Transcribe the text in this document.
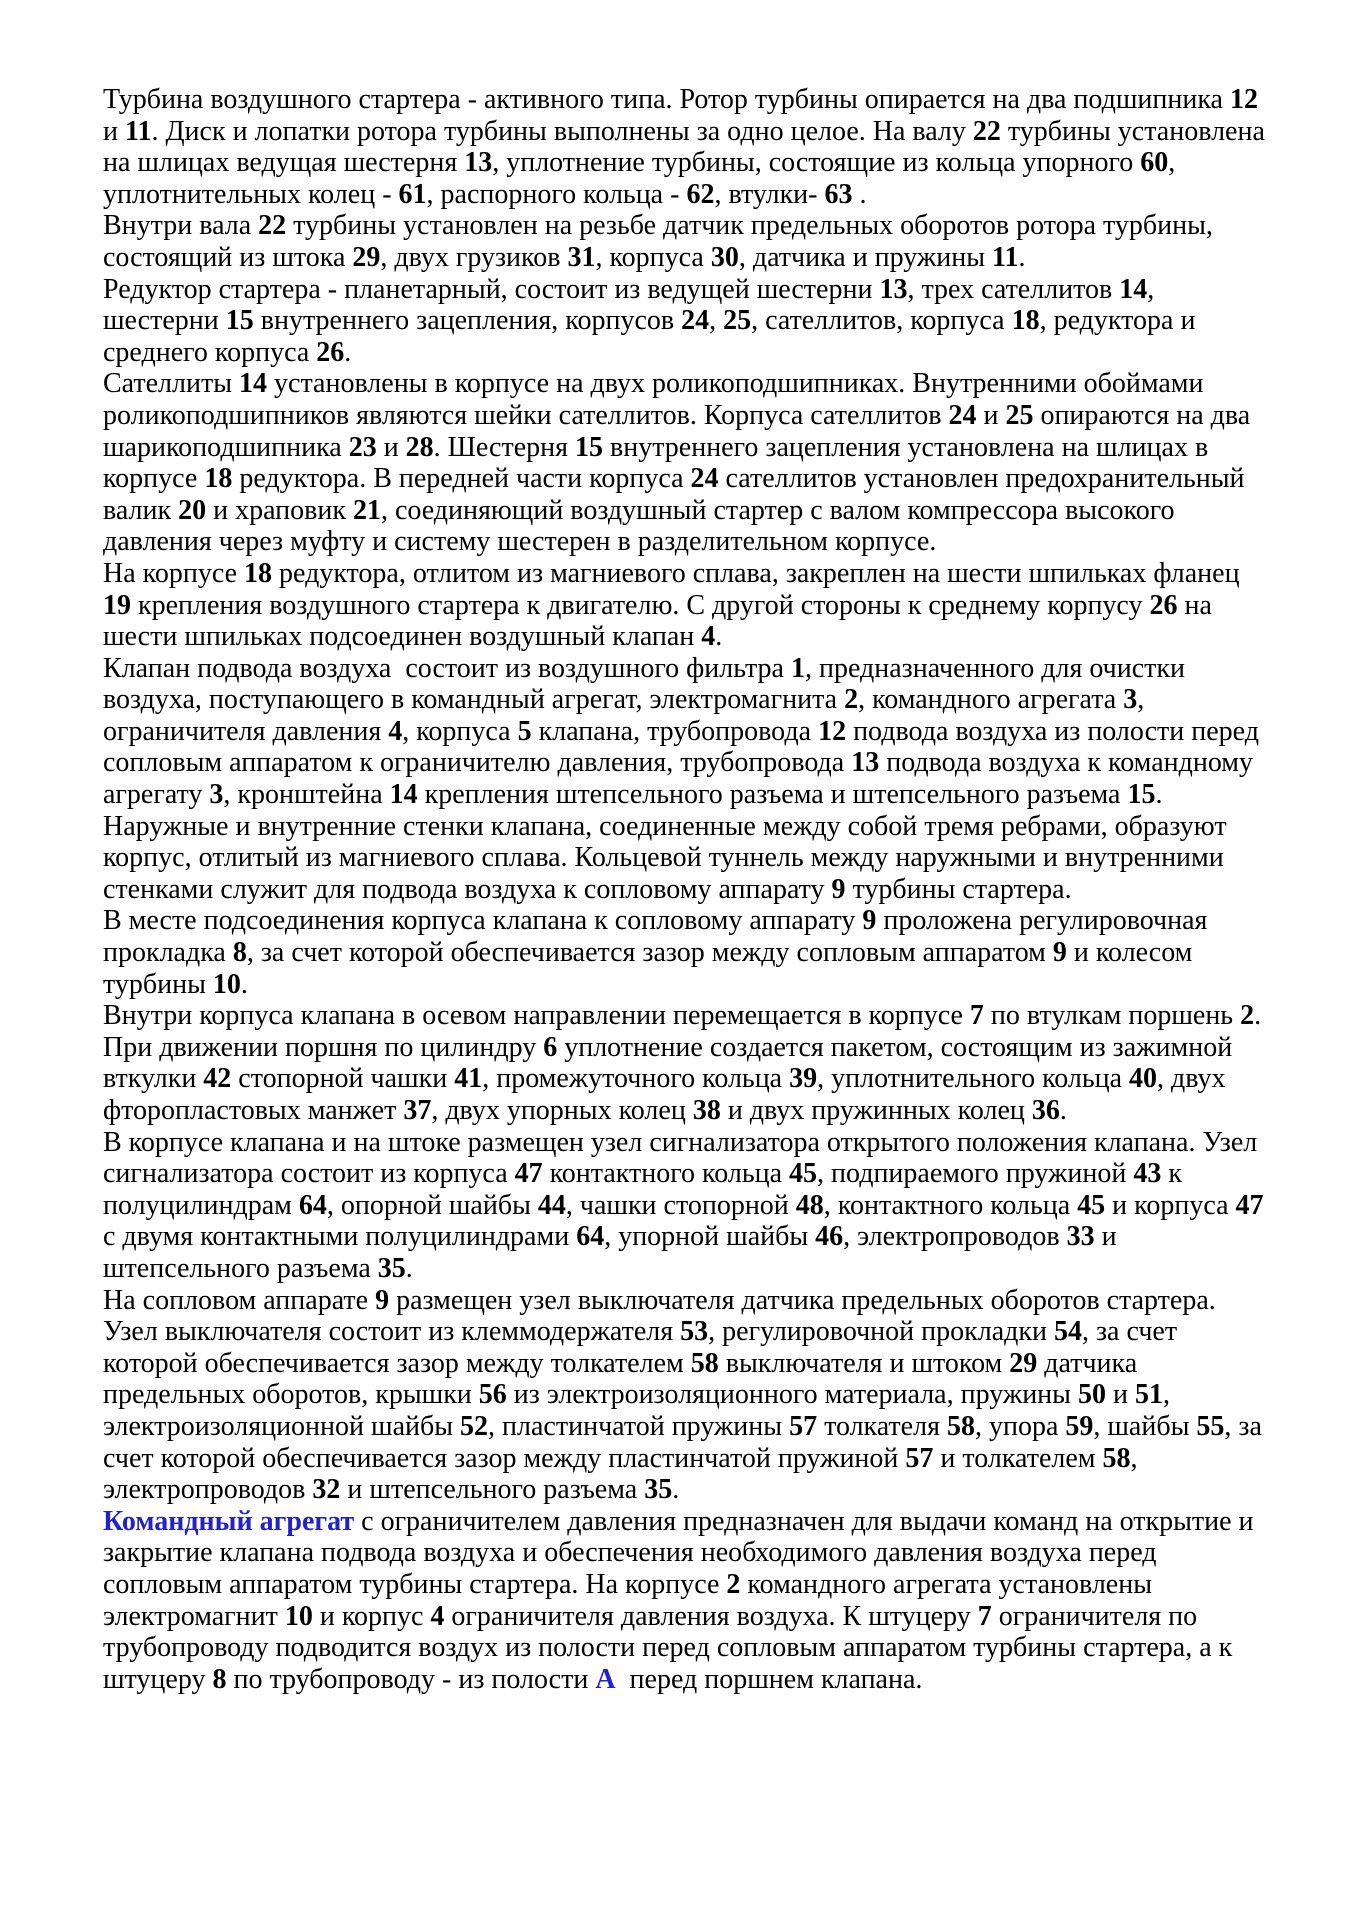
Турбина воздушного стартера - активного типа. Ротор турбины опирается на два подшипника 12 и 11. Диск и лопатки ротора турбины выполнены за одно целое. На валу 22 турбины установлена на шлицах ведущая шестерня 13, уплотнение турбины, состоящие из кольца упорного 60, уплотнительных колец - 61, распорного кольца - 62, втулки- 63 .

Внутри вала 22 турбины установлен на резьбе датчик предельных оборотов ротора турбины, состоящий из штока 29, двух грузиков 31, корпуса 30, датчика и пружины 11.

Редуктор стартера - планетарный, состоит из ведущей шестерни 13, трех сателлитов 14, шестерни 15 внутреннего зацепления, корпусов 24, 25, сателлитов, корпуса 18, редуктора и среднего корпуса 26.

Сателлиты 14 установлены в корпусе на двух роликоподшипниках. Внутренними обоймами роликоподшипников являются шейки сателлитов. Корпуса сателлитов 24 и 25 опираются на два шарикоподшипника 23 и 28. Шестерня 15 внутреннего зацепления установлена на шлицах в корпусе 18 редуктора. В передней части корпуса 24 сателлитов установлен предохранительный валик 20 и храповик 21, соединяющий воздушный стартер с валом компрессора высокого давления через муфту и систему шестерен в разделительном корпусе.

На корпусе 18 редуктора, отлитом из магниевого сплава, закреплен на шести шпильках фланец 19 крепления воздушного стартера к двигателю. С другой стороны к среднему корпусу 26 на шести шпильках подсоединен воздушный клапан 4.

Клапан подвода воздуха  состоит из воздушного фильтра 1, предназначенного для очистки воздуха, поступающего в командный агрегат, электромагнита 2, командного агрегата 3, ограничителя давления 4, корпуса 5 клапана, трубопровода 12 подвода воздуха из полости перед сопловым аппаратом к ограничителю давления, трубопровода 13 подвода воздуха к командному агрегату 3, кронштейна 14 крепления штепсельного разъема и штепсельного разъема 15.

Наружные и внутренние стенки клапана, соединенные между собой тремя ребрами, образуют корпус, отлитый из магниевого сплава. Кольцевой туннель между наружными и внутренними стенками служит для подвода воздуха к сопловому аппарату 9 турбины стартера.

В месте подсоединения корпуса клапана к сопловому аппарату 9 проложена регулировочная прокладка 8, за счет которой обеспечивается зазор между сопловым аппаратом 9 и колесом турбины 10.

Внутри корпуса клапана в осевом направлении перемещается в корпусе 7 по втулкам поршень 2. При движении поршня по цилиндру 6 уплотнение создается пакетом, состоящим из зажимной вткулки 42 стопорной чашки 41, промежуточного кольца 39, уплотнительного кольца 40, двух фторопластовых манжет 37, двух упорных колец 38 и двух пружинных колец 36.

В корпусе клапана и на штоке размещен узел сигнализатора открытого положения клапана. Узел сигнализатора состоит из корпуса 47 контактного кольца 45, подпираемого пружиной 43 к полуцилиндрам 64, опорной шайбы 44, чашки стопорной 48, контактного кольца 45 и корпуса 47 с двумя контактными полуцилиндрами 64, упорной шайбы 46, электропроводов 33 и штепсельного разъема 35.

На сопловом аппарате 9 размещен узел выключателя датчика предельных оборотов стартера. Узел выключателя состоит из клеммодержателя 53, регулировочной прокладки 54, за счет которой обеспечивается зазор между толкателем 58 выключателя и штоком 29 датчика предельных оборотов, крышки 56 из электроизоляционного материала, пружины 50 и 51, электроизоляционной шайбы 52, пластинчатой пружины 57 толкателя 58, упора 59, шайбы 55, за счет которой обеспечивается зазор между пластинчатой пружиной 57 и толкателем 58, электропроводов 32 и штепсельного разъема 35.

Командный агрегат с ограничителем давления предназначен для выдачи команд на открытие и закрытие клапана подвода воздуха и обеспечения необходимого давления воздуха перед сопловым аппаратом турбины стартера. На корпусе 2 командного агрегата установлены электромагнит 10 и корпус 4 ограничителя давления воздуха. К штуцеру 7 ограничителя по трубопроводу подводится воздух из полости перед сопловым аппаратом турбины стартера, а к штуцеру 8 по трубопроводу - из полости А  перед поршнем клапана.
